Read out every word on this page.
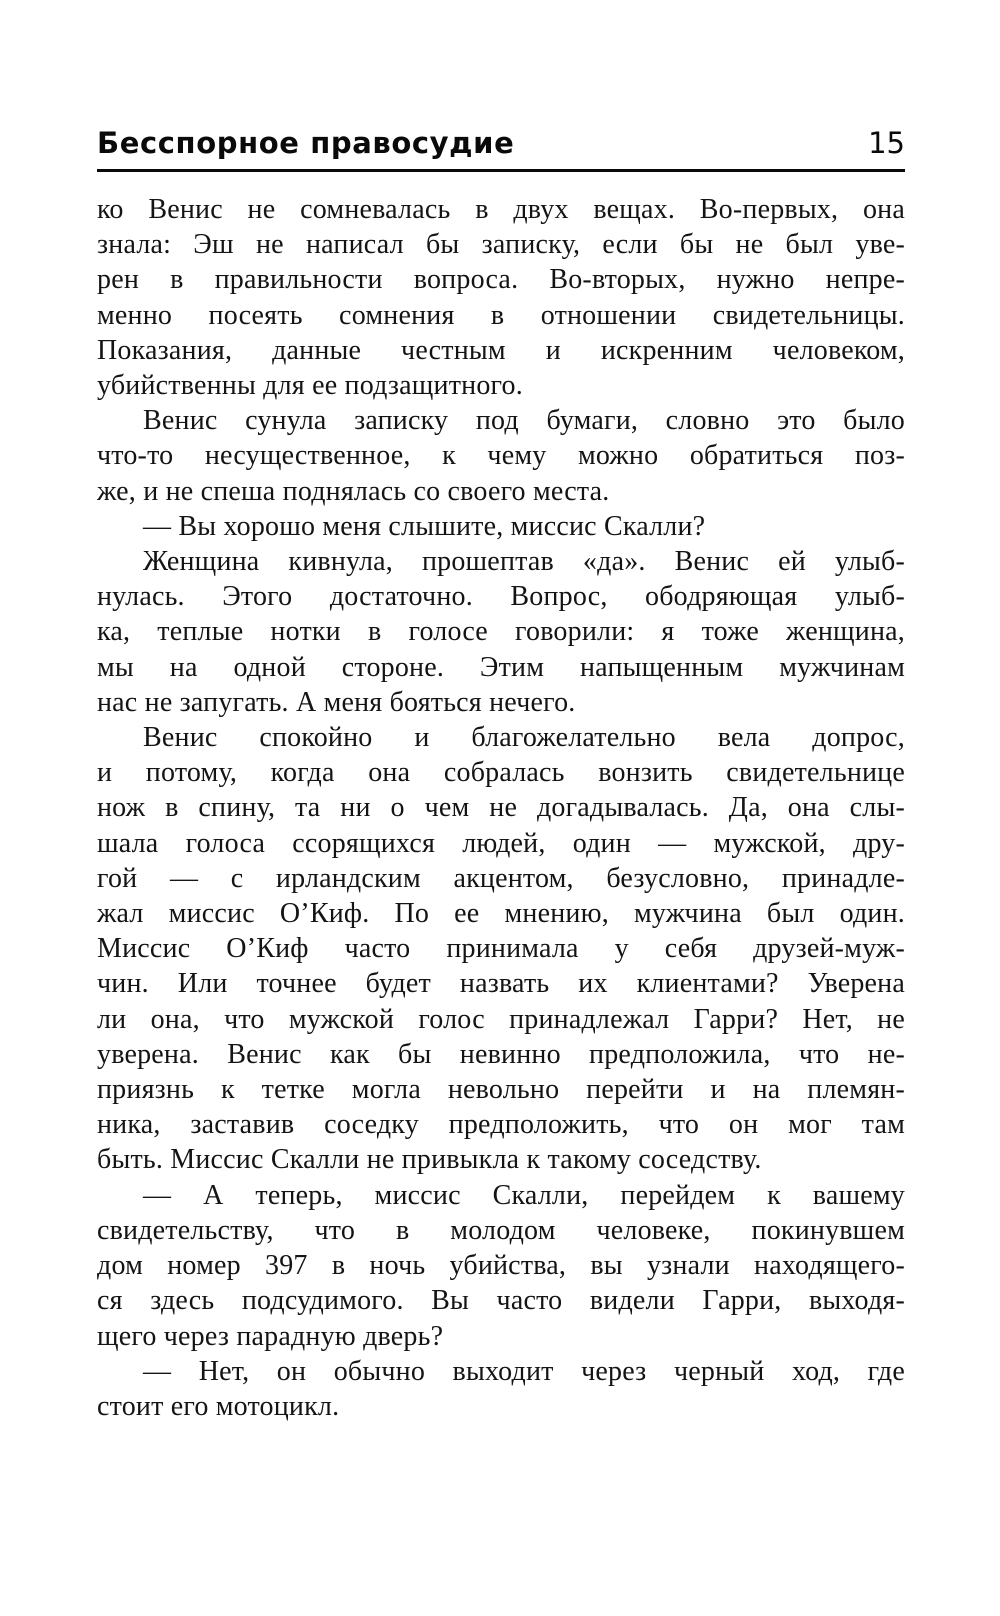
Бесспорное правосудие	15

ко Венис не сомневалась в двух вещах. Во-первых, она
знала: Эш не написал бы записку, если бы не был уве-
рен в правильности вопроса. Во-вторых, нужно непре-
менно посеять сомнения в отношении свидетельницы.
Показания, данные честным и искренним человеком,
убийственны для ее подзащитного.

Венис сунула записку под бумаги, словно это было
что-то несущественное, к чему можно обратиться поз-
же, и не спеша поднялась со своего места.

— Вы хорошо меня слышите, миссис Скалли?

Женщина кивнула, прошептав «да». Венис ей улыб-
нулась. Этого достаточно. Вопрос, ободряющая улыб-
ка, теплые нотки в голосе говорили: я тоже женщина,
мы на одной стороне. Этим напыщенным мужчинам
нас не запугать. А меня бояться нечего.

Венис спокойно и благожелательно вела допрос,
и потому, когда она собралась вонзить свидетельнице
нож в спину, та ни о чем не догадывалась. Да, она слы-
шала голоса ссорящихся людей, один — мужской, дру-
гой — с ирландским акцентом, безусловно, принадле-
жал миссис О’Киф. По ее мнению, мужчина был один.
Миссис О’Киф часто принимала у себя друзей-муж-
чин. Или точнее будет назвать их клиентами? Уверена
ли она, что мужской голос принадлежал Гарри? Нет, не
уверена. Венис как бы невинно предположила, что не-
приязнь к тетке могла невольно перейти и на племян-
ника, заставив соседку предположить, что он мог там
быть. Миссис Скалли не привыкла к такому соседству.

— А теперь, миссис Скалли, перейдем к вашему
свидетельству, что в молодом человеке, покинувшем
дом номер 397 в ночь убийства, вы узнали находящего-
ся здесь подсудимого. Вы часто видели Гарри, выходя-
щего через парадную дверь?

— Нет, он обычно выходит через черный ход, где
стоит его мотоцикл.
